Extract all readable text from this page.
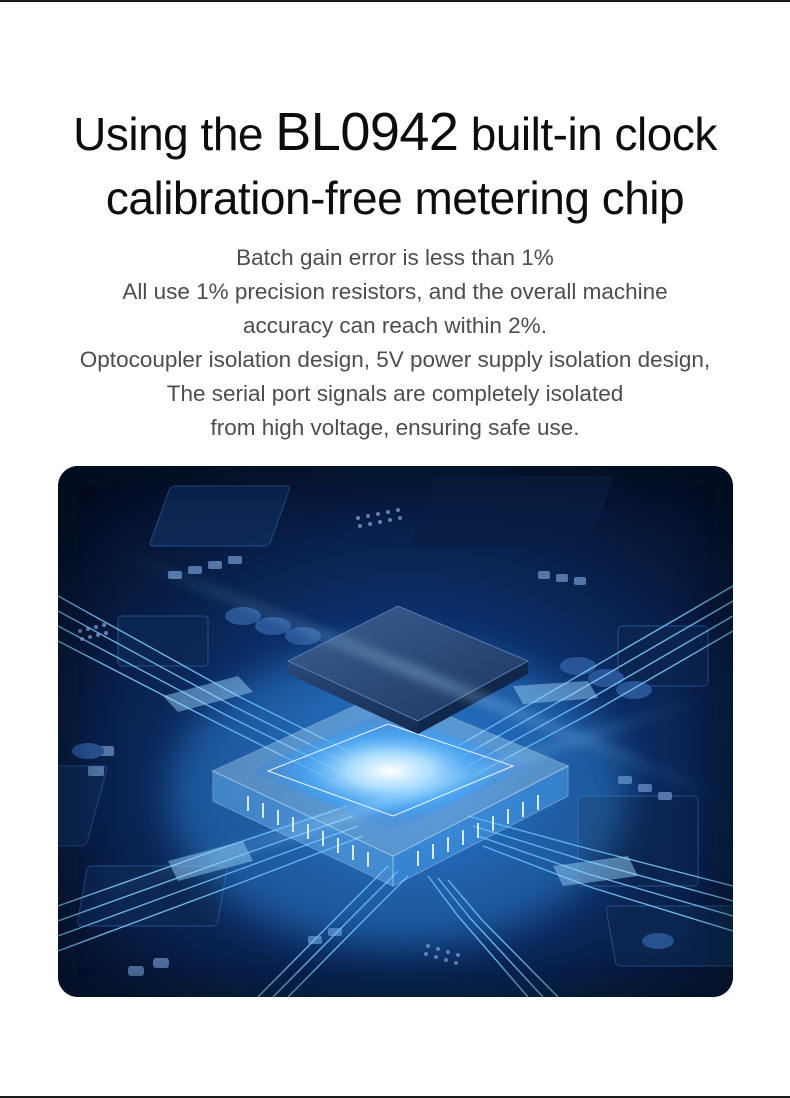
Using the BL0942 built-in clock
calibration-free metering chip
Batch gain error is less than 1%
All use 1% precision resistors, and the overall machine
accuracy can reach within 2%.
Optocoupler isolation design, 5V power supply isolation design,
The serial port signals are completely isolated
from high voltage, ensuring safe use.
